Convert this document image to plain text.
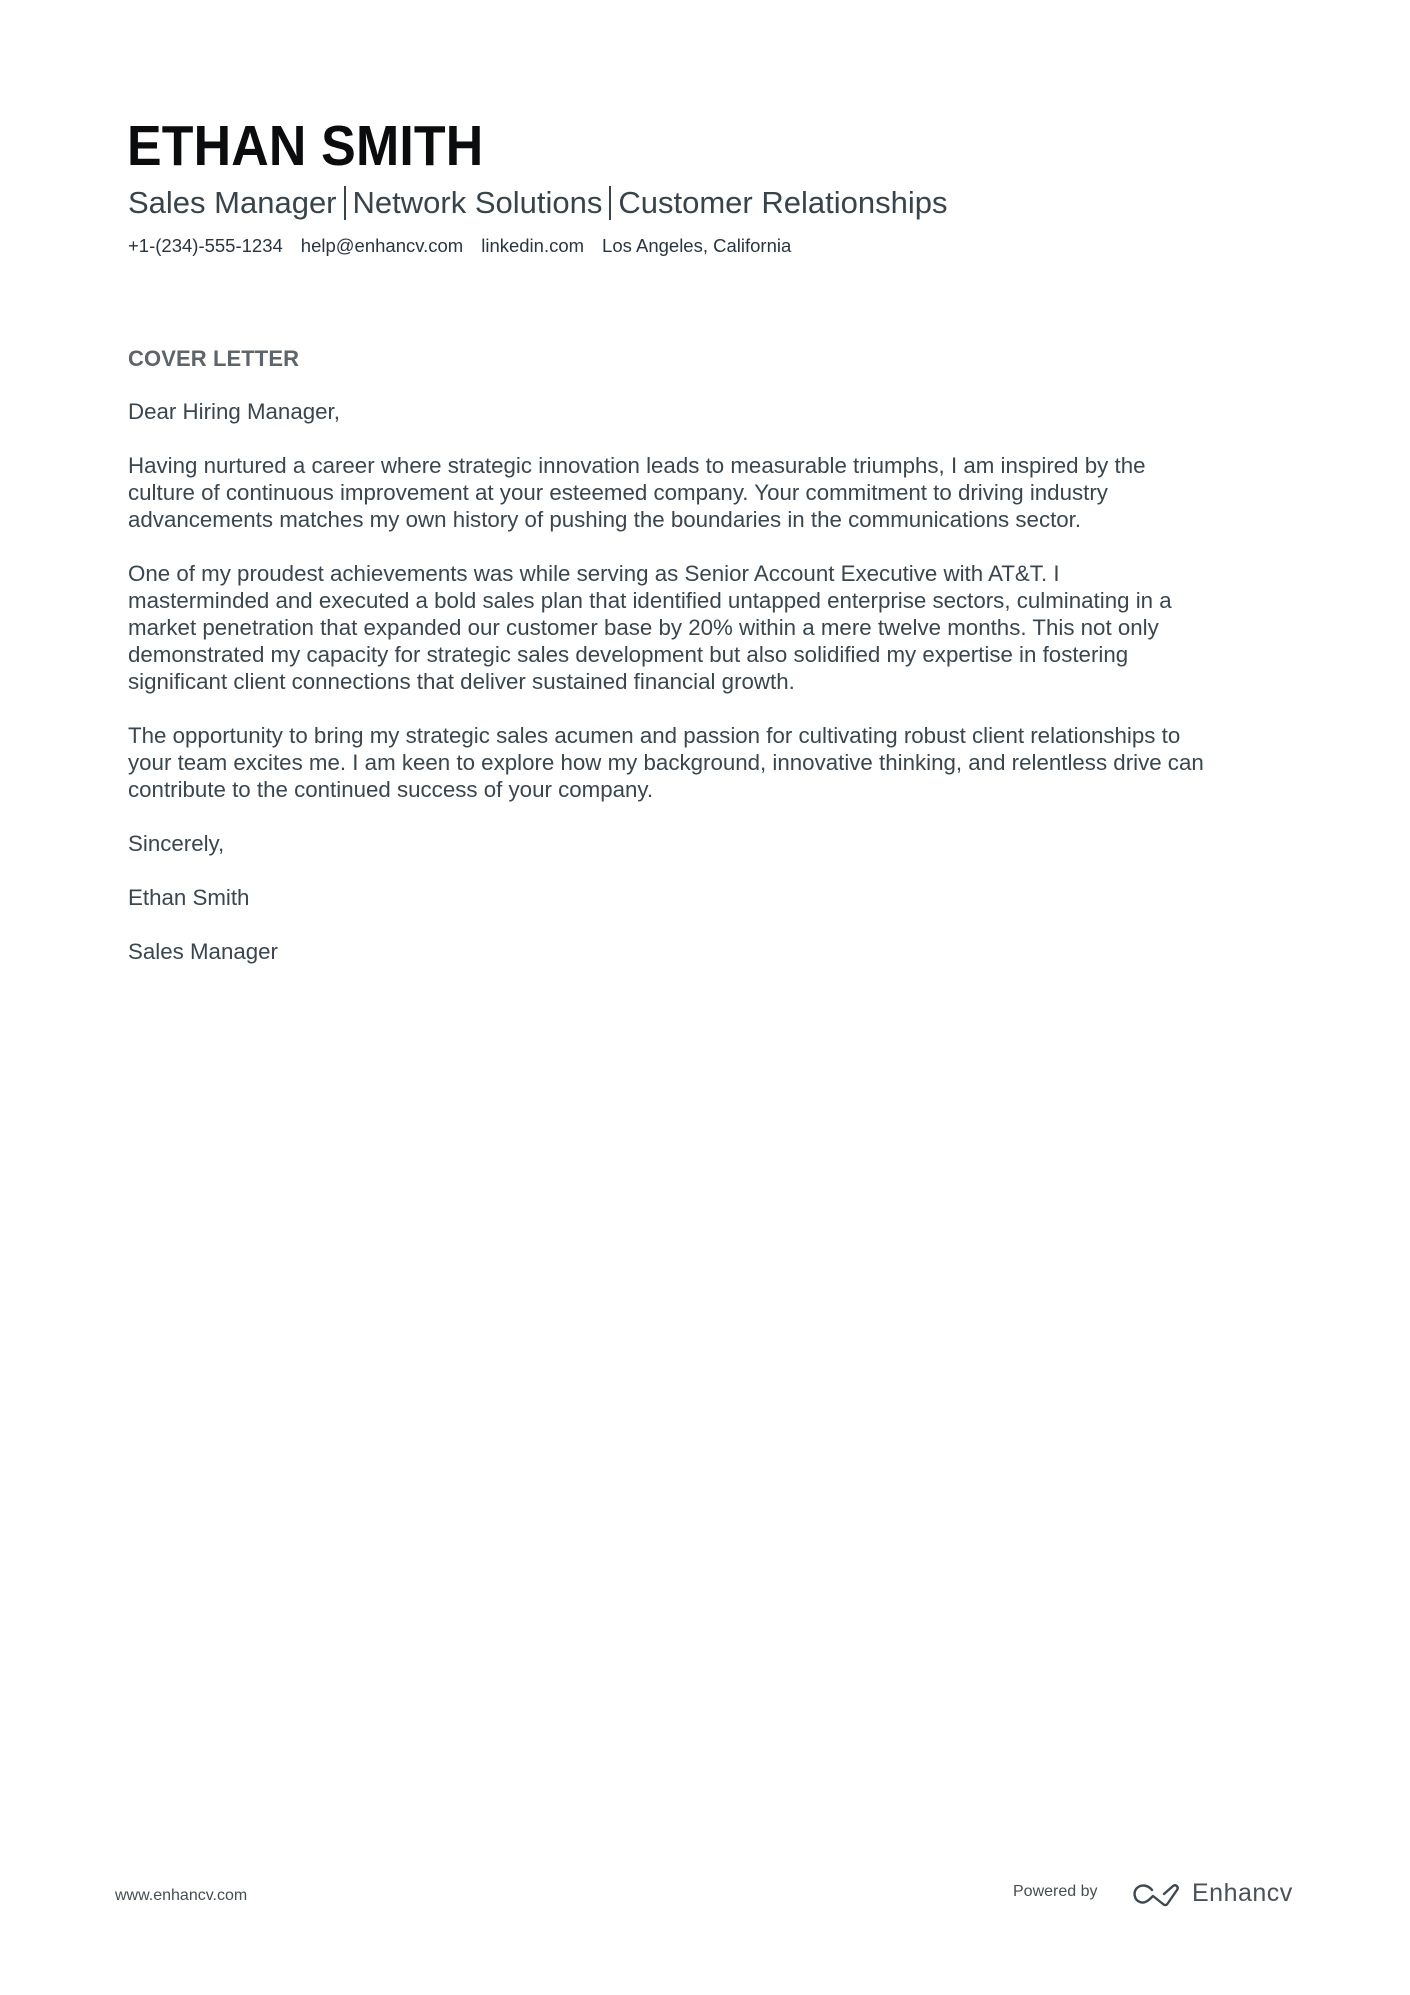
ETHAN SMITH
Sales Manager Network Solutions Customer Relationships
+1-(234)-555-1234 help@enhancv.com linkedin.com Los Angeles, California
COVER LETTER
Dear Hiring Manager,
Having nurtured a career where strategic innovation leads to measurable triumphs, I am inspired by the
culture of continuous improvement at your esteemed company. Your commitment to driving industry
advancements matches my own history of pushing the boundaries in the communications sector.
One of my proudest achievements was while serving as Senior Account Executive with AT&T. I
masterminded and executed a bold sales plan that identified untapped enterprise sectors, culminating in a
market penetration that expanded our customer base by 20% within a mere twelve months. This not only
demonstrated my capacity for strategic sales development but also solidified my expertise in fostering
significant client connections that deliver sustained financial growth.
The opportunity to bring my strategic sales acumen and passion for cultivating robust client relationships to
your team excites me. I am keen to explore how my background, innovative thinking, and relentless drive can
contribute to the continued success of your company.
Sincerely,
Ethan Smith
Sales Manager
www.enhancv.com	Powered by	Enhancv
